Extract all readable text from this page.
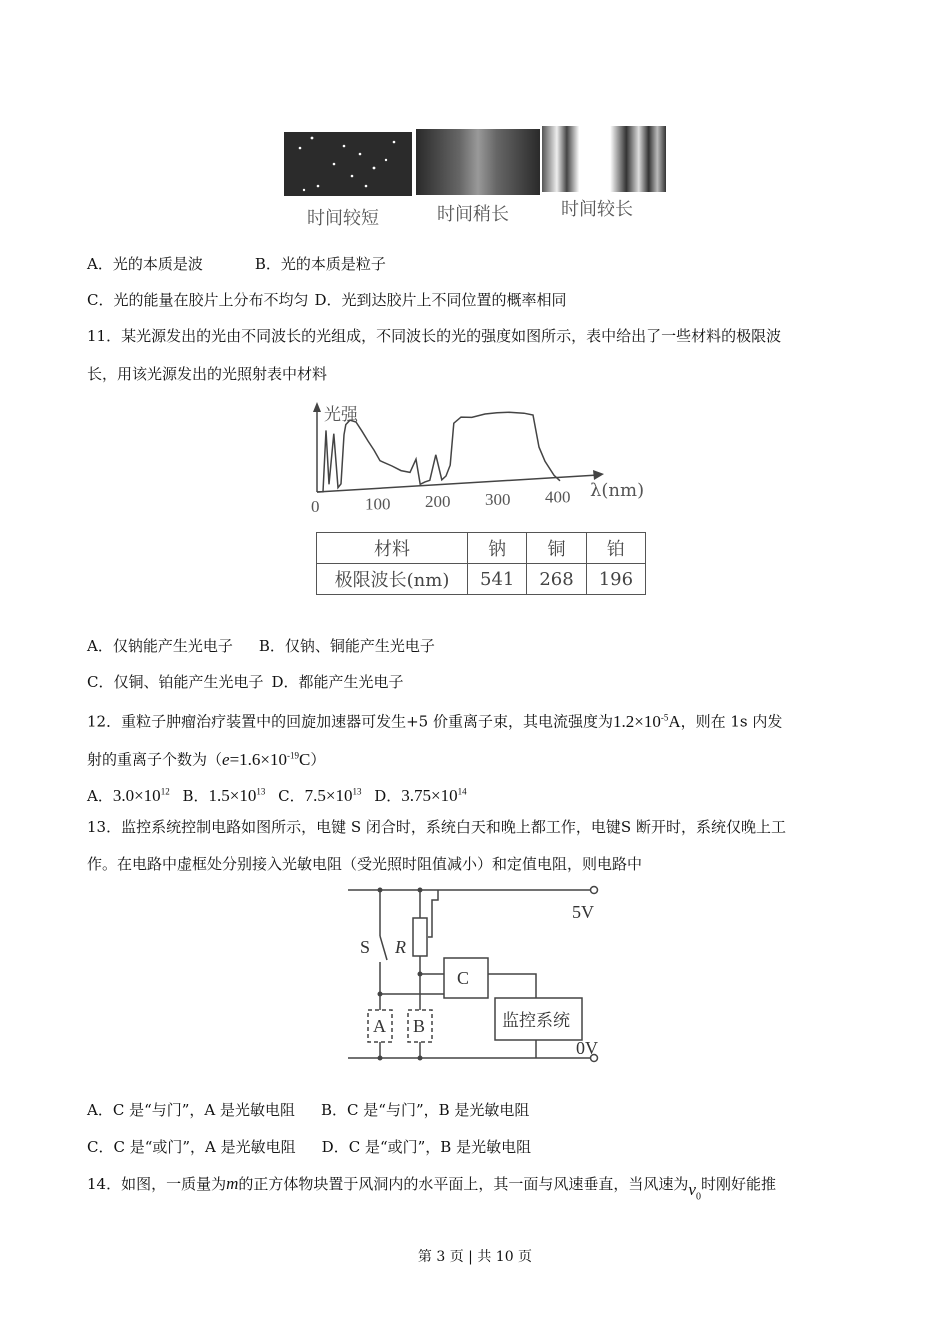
时间较短	时间稍长	时间较长
A．光的本质是波	B．光的本质是粒子
C．光的能量在胶片上分布不均匀 D．光到达胶片上不同位置的概率相同
11．某光源发出的光由不同波长的光组成，不同波长的光的强度如图所示，表中给出了一些材料的极限波
长，用该光源发出的光照射表中材料
光强
λ(nm)
0	100 200 300 400
材料	钠	铜	铂
极限波长(nm)	541	268	196
A．仅钠能产生光电子 B．仅钠、铜能产生光电子
C．仅铜、铂能产生光电子 D．都能产生光电子
12．重粒子肿瘤治疗装置中的回旋加速器可发生+5 价重离子束，其电流强度为$1.2\times 10^{-5}A$，则在 1s 内发
射的重离子个数为$(e=1.6\times 10^{-19}C)$
A．$3.0\times 10^{12}$ B．$1.5\times 10^{13}$ C．$7.5\times 10^{13}$ D．$3.75\times 10^{14}$
13．监控系统控制电路如图所示，电键 S 闭合时，系统白天和晚上都工作，电键S 断开时，系统仅晚上工
作。在电路中虚框处分别接入光敏电阻（受光照时阻值减小）和定值电阻，则电路中
5V
0V
S R
C
A B	监控系统
A．C 是“与门”，A 是光敏电阻 B．C 是“与门”，B 是光敏电阻
C．C 是“或门”，A 是光敏电阻 D．C 是“或门”，B 是光敏电阻
14．如图，一质量为m的正方体物块置于风洞内的水平面上，其一面与风速垂直，当风速为$v_0$时刚好能推
第 3 页 | 共 10 页
